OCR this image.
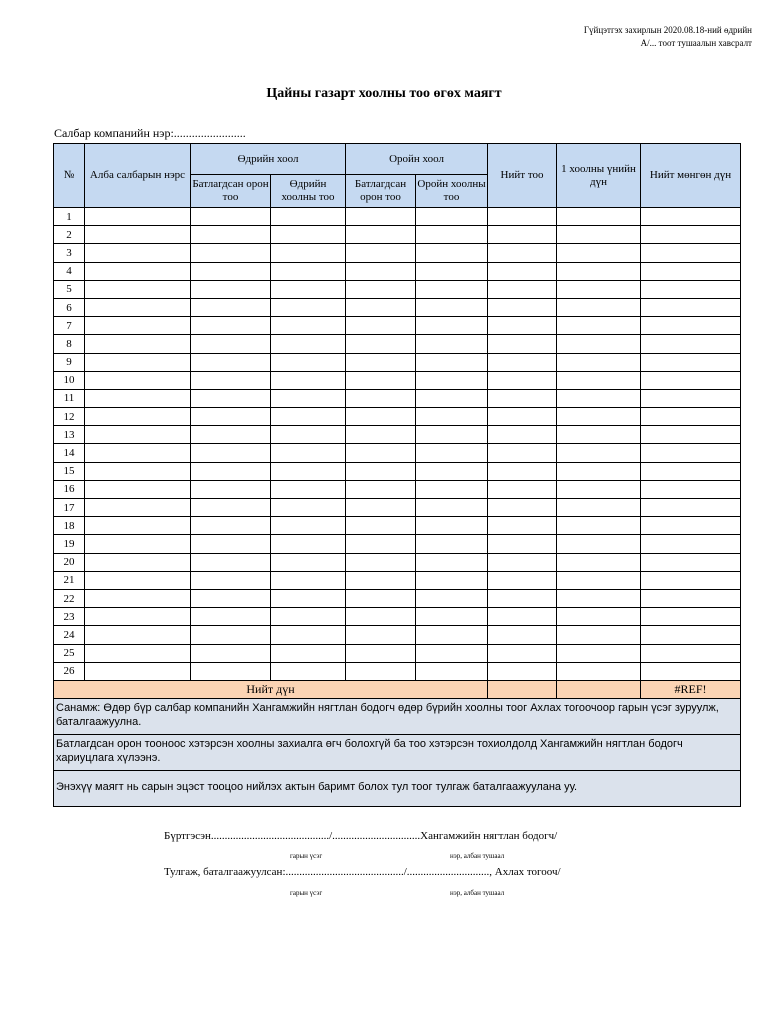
Гүйцэтгэх захирлын 2020.08.18-ний өдрийн
А/... тоот тушаалын хавсралт
Цайны газарт хоолны тоо өгөх маягт
Салбар компанийн нэр:........................
№	Алба салбарын нэрс	Өдрийн хоол		Оройн хоол		Нийт тоо	1 хоолны үнийн дүн	Нийт мөнгөн дүн
		Батлагдсан орон тоо	Өдрийн хоолны тоо	Батлагдсан орон тоо	Оройн хоолны тоо			
1								
2								
3								
4								
5								
6								
7								
8								
9								
10								
11								
12								
13								
14								
15								
16								
17								
18								
19								
20								
21								
22								
23								
24								
25								
26								
Нийт дүн								#REF!
Санамж: Өдөр бүр салбар компанийн Хангамжийн нягтлан бодогч өдөр бүрийн хоолны тоог Ахлах тогоочоор гарын үсэг зуруулж, баталгаажуулна.								
Батлагдсан орон тооноос хэтэрсэн хоолны захиалга өгч болохгүй ба тоо хэтэрсэн тохиолдолд Хангамжийн нягтлан бодогч хариуцлага хүлээнэ.								
Энэхүү маягт нь сарын эцэст тооцоо нийлэх актын баримт болох тул тоог тулгаж баталгаажуулана уу.								
Бүртгэсэн.........................................../................................Хангамжийн нягтлан бодогч/
гарын үсэг	нэр, албан тушаал
Тулгаж, баталгаажуулсан:.........................................../.............................., Ахлах тогооч/
гарын үсэг	нэр, албан тушаал
